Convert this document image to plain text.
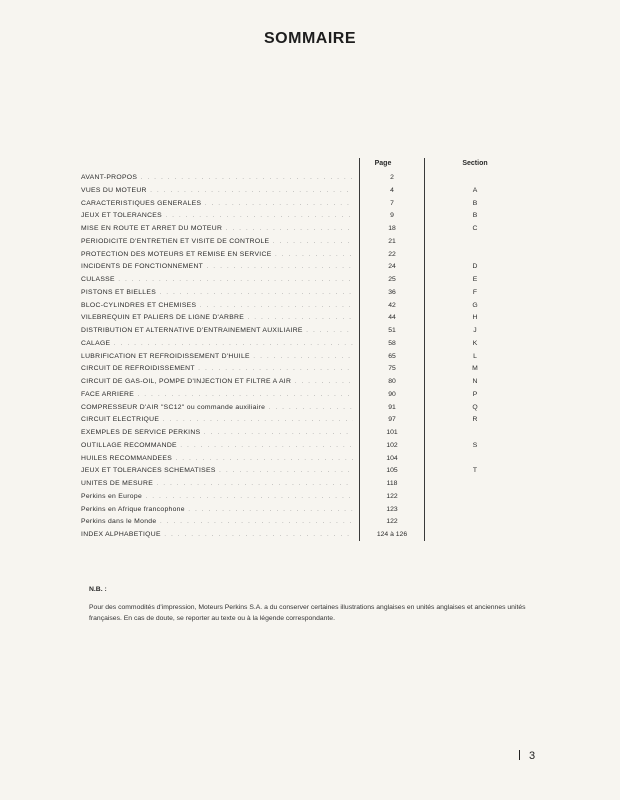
SOMMAIRE
Page	Section
AVANT-PROPOS . . .	2
VUES DU MOTEUR . . .	4	A
CARACTERISTIQUES GENERALES . . .	7	B
JEUX ET TOLERANCES . . .	9	B
MISE EN ROUTE ET ARRET DU MOTEUR . . .	18	C
PERIODICITE D'ENTRETIEN ET VISITE DE CONTROLE . . .	21
PROTECTION DES MOTEURS ET REMISE EN SERVICE . . .	22
INCIDENTS DE FONCTIONNEMENT . . .	24	D
CULASSE . . .	25	E
PISTONS ET BIELLES . . .	36	F
BLOC-CYLINDRES ET CHEMISES . . .	42	G
VILEBREQUIN ET PALIERS DE LIGNE D'ARBRE . . .	44	H
DISTRIBUTION ET ALTERNATIVE D'ENTRAINEMENT AUXILIAIRE . . .	51	J
CALAGE . . .	58	K
LUBRIFICATION ET REFROIDISSEMENT D'HUILE . . .	65	L
CIRCUIT DE REFROIDISSEMENT . . .	75	M
CIRCUIT DE GAS-OIL, POMPE D'INJECTION ET FILTRE A AIR . . .	80	N
FACE ARRIERE . . .	90	P
COMPRESSEUR D'AIR "SC12" ou commande auxiliaire . . .	91	Q
CIRCUIT ELECTRIQUE . . .	97	R
EXEMPLES DE SERVICE PERKINS . . .	101
OUTILLAGE RECOMMANDE . . .	102	S
HUILES RECOMMANDEES . . .	104
JEUX ET TOLERANCES SCHEMATISES . . .	105	T
UNITES DE MESURE . . .	118
Perkins en Europe . . .	122
Perkins en Afrique francophone . . .	123
Perkins dans le Monde . . .	122
INDEX ALPHABETIQUE . . .	124 à 126
N.B. :
Pour des commodités d'impression, Moteurs Perkins S.A. a du conserver certaines illustrations anglaises en unités anglaises et anciennes unités françaises. En cas de doute, se reporter au texte ou à la légende correspondante.
3
